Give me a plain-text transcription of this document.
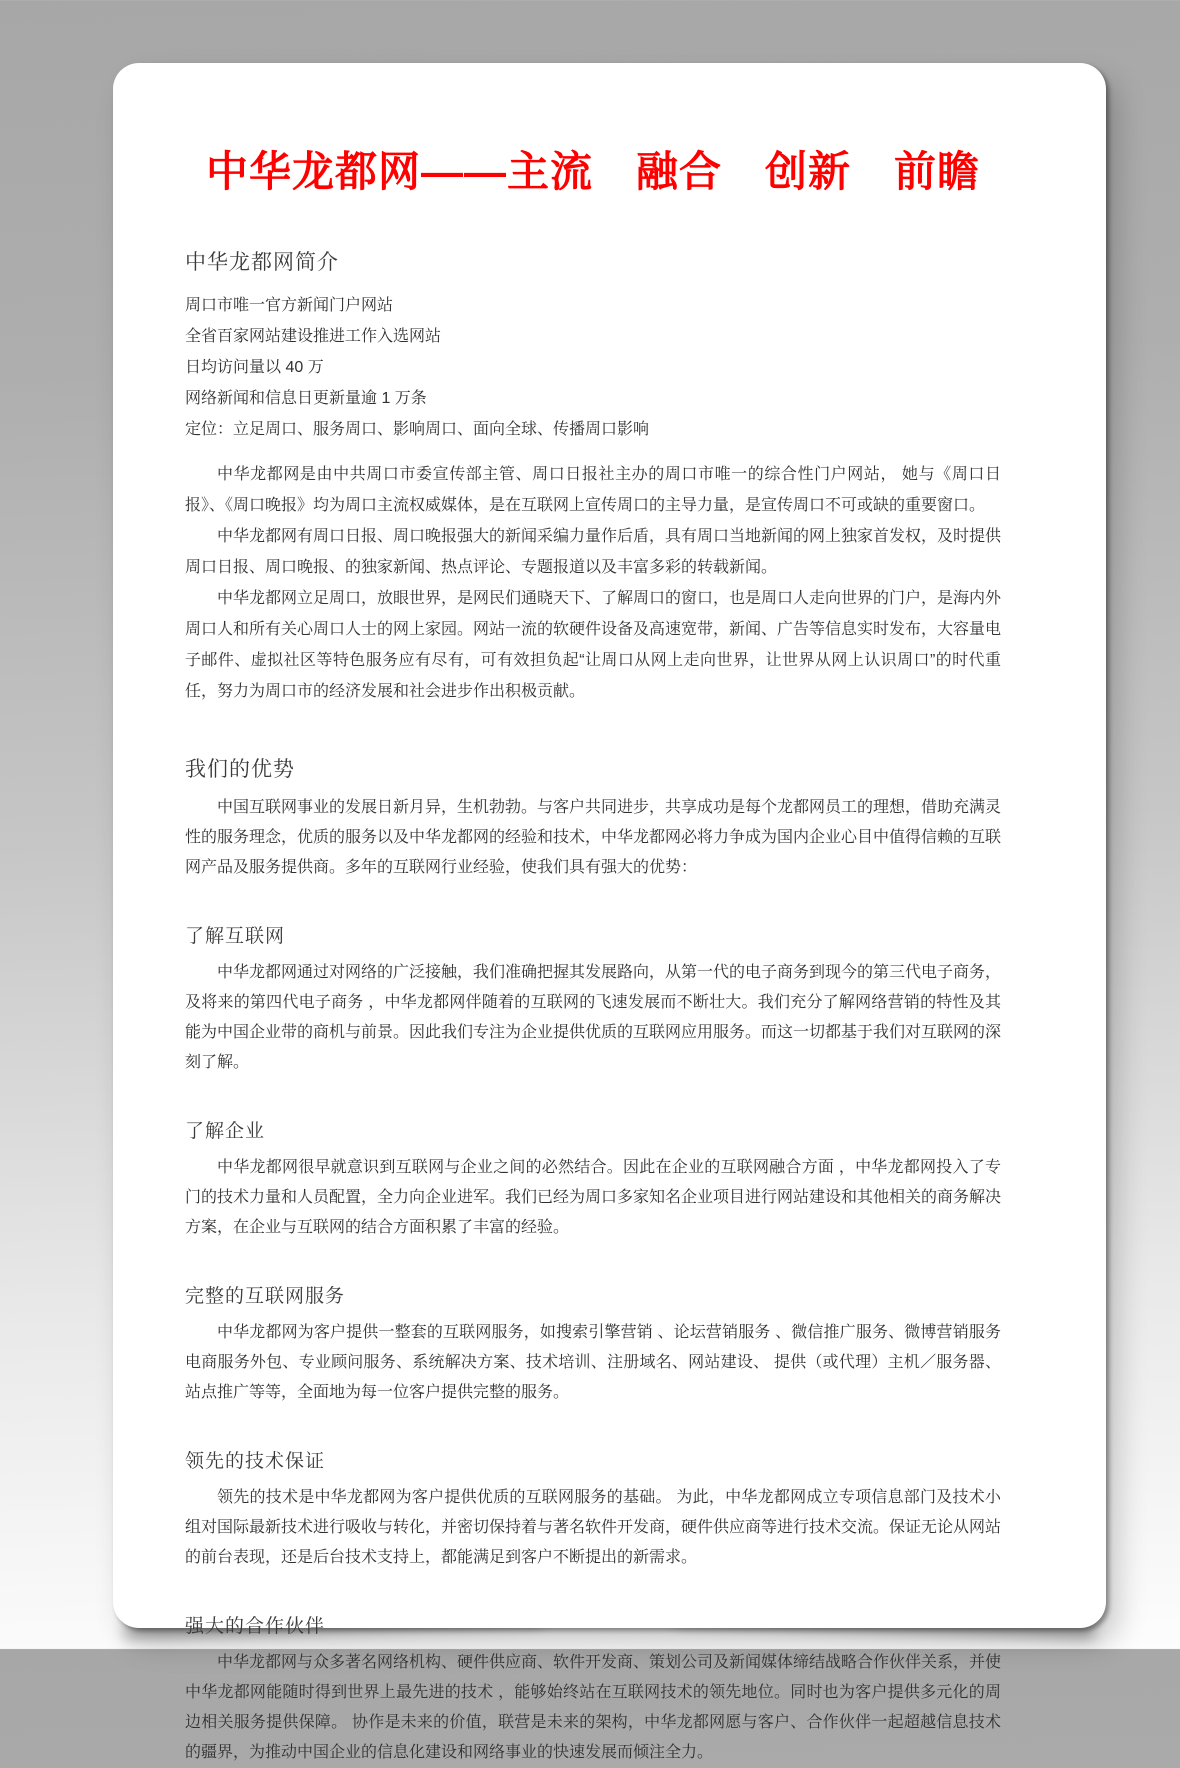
中华龙都网——主流　融合　创新　前瞻
中华龙都网简介
周口市唯一官方新闻门户网站
全省百家网站建设推进工作入选网站
日均访问量以 40 万
网络新闻和信息日更新量逾 1 万条
定位：立足周口、服务周口、影响周口、面向全球、传播周口影响

中华龙都网是由中共周口市委宣传部主管、周口日报社主办的周口市唯一的综合性门户网站， 她与《周口日报》、《周口晚报》均为周口主流权威媒体，是在互联网上宣传周口的主导力量，是宣传周口不可或缺的重要窗口。

中华龙都网有周口日报、周口晚报强大的新闻采编力量作后盾，具有周口当地新闻的网上独家首发权，及时提供周口日报、周口晚报、的独家新闻、热点评论、专题报道以及丰富多彩的转载新闻。

中华龙都网立足周口，放眼世界，是网民们通晓天下、了解周口的窗口，也是周口人走向世界的门户，是海内外周口人和所有关心周口人士的网上家园。网站一流的软硬件设备及高速宽带，新闻、广告等信息实时发布，大容量电子邮件、虚拟社区等特色服务应有尽有，可有效担负起“让周口从网上走向世界，让世界从网上认识周口”的时代重任，努力为周口市的经济发展和社会进步作出积极贡献。

我们的优势

中国互联网事业的发展日新月异，生机勃勃。与客户共同进步，共享成功是每个龙都网员工的理想，借助充满灵性的服务理念，优质的服务以及中华龙都网的经验和技术，中华龙都网必将力争成为国内企业心目中值得信赖的互联网产品及服务提供商。多年的互联网行业经验，使我们具有强大的优势：

了解互联网

中华龙都网通过对网络的广泛接触，我们准确把握其发展路向，从第一代的电子商务到现今的第三代电子商务，及将来的第四代电子商务 ，中华龙都网伴随着的互联网的飞速发展而不断壮大。我们充分了解网络营销的特性及其能为中国企业带的商机与前景。因此我们专注为企业提供优质的互联网应用服务。而这一切都基于我们对互联网的深刻了解。

了解企业

中华龙都网很早就意识到互联网与企业之间的必然结合。因此在企业的互联网融合方面 ，中华龙都网投入了专门的技术力量和人员配置，全力向企业进军。我们已经为周口多家知名企业项目进行网站建设和其他相关的商务解决方案，在企业与互联网的结合方面积累了丰富的经验。

完整的互联网服务

中华龙都网为客户提供一整套的互联网服务，如搜索引擎营销 、论坛营销服务 、微信推广服务、微博营销服务电商服务外包、专业顾问服务、系统解决方案、技术培训、注册域名、网站建设、 提供（或代理）主机／服务器、 站点推广等等，全面地为每一位客户提供完整的服务。

领先的技术保证

领先的技术是中华龙都网为客户提供优质的互联网服务的基础。 为此，中华龙都网成立专项信息部门及技术小组对国际最新技术进行吸收与转化，并密切保持着与著名软件开发商，硬件供应商等进行技术交流。保证无论从网站的前台表现，还是后台技术支持上，都能满足到客户不断提出的新需求。

强大的合作伙伴

中华龙都网与众多著名网络机构、硬件供应商、软件开发商、策划公司及新闻媒体缔结战略合作伙伴关系，并使中华龙都网能随时得到世界上最先进的技术 ，能够始终站在互联网技术的领先地位。同时也为客户提供多元化的周边相关服务提供保障。 协作是未来的价值，联营是未来的架构，中华龙都网愿与客户、合作伙伴一起超越信息技术的疆界，为推动中国企业的信息化建设和网络事业的快速发展而倾注全力。
